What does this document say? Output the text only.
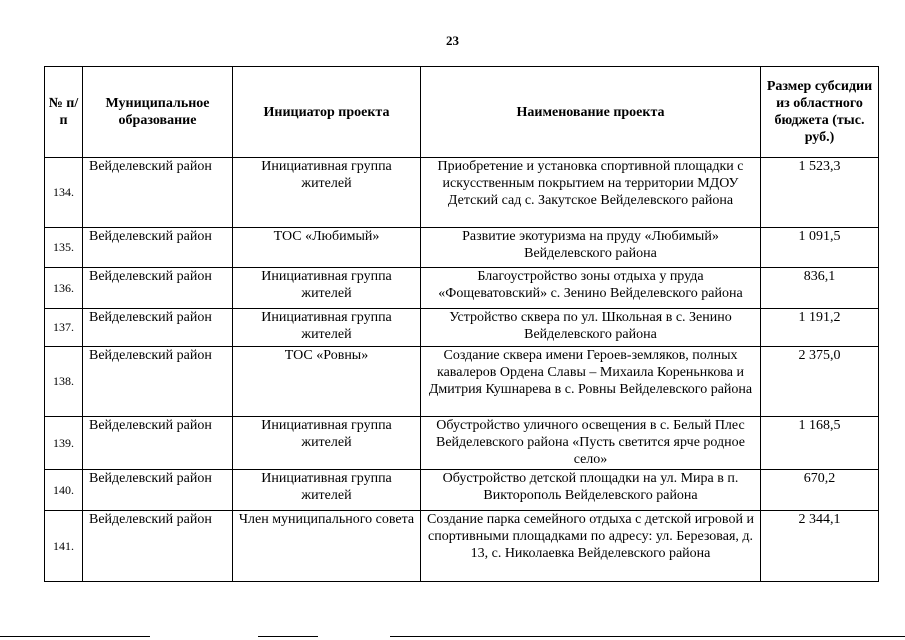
23
№ п/п	Муниципальное образование	Инициатор проекта	Наименование проекта	Размер субсидии из областного бюджета (тыс. руб.)
134.	Вейделевский район	Инициативная группа жителей	Приобретение и установка спортивной площадки с искусственным покрытием на территории МДОУ Детский сад с. Закутское Вейделевского района	1 523,3
135.	Вейделевский район	ТОС «Любимый»	Развитие экотуризма на пруду «Любимый» Вейделевского района	1 091,5
136.	Вейделевский район	Инициативная группа жителей	Благоустройство зоны отдыха у пруда «Фощеватовский» с. Зенино Вейделевского района	836,1
137.	Вейделевский район	Инициативная группа жителей	Устройство сквера по ул. Школьная в с. Зенино Вейделевского района	1 191,2
138.	Вейделевский район	ТОС «Ровны»	Создание сквера имени Героев-земляков, полных кавалеров Ордена Славы – Михаила Кореньнкова и Дмитрия Кушнарева в с. Ровны Вейделевского района	2 375,0
139.	Вейделевский район	Инициативная группа жителей	Обустройство уличного освещения в с. Белый Плес Вейделевского района «Пусть светится ярче родное село»	1 168,5
140.	Вейделевский район	Инициативная группа жителей	Обустройство детской площадки на ул. Мира в п. Викторополь Вейделевского района	670,2
141.	Вейделевский район	Член муниципального совета	Создание парка семейного отдыха с детской игровой и спортивными площадками по адресу: ул. Березовая, д. 13, с. Николаевка Вейделевского района	2 344,1
